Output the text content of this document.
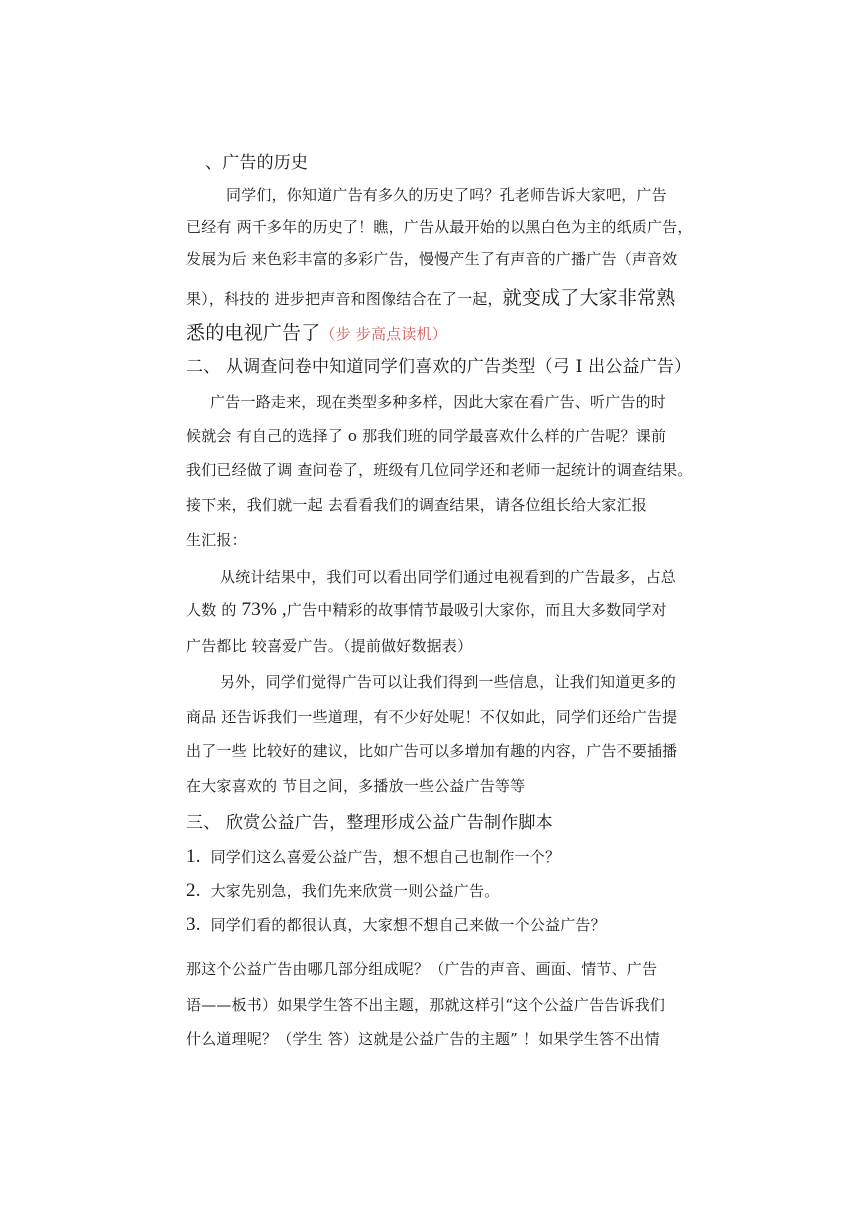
、广告的历史
同学们，你知道广告有多久的历史了吗？孔老师告诉大家吧，广告
已经有 两千多年的历史了！瞧，广告从最开始的以黑白色为主的纸质广告，
发展为后 来色彩丰富的多彩广告，慢慢产生了有声音的广播广告（声音效
果），科技的 进步把声音和图像结合在了一起，就变成了大家非常熟
悉的电视广告了（步 步高点读机）
二、 从调查问卷中知道同学们喜欢的广告类型（弓 I 出公益广告）
广告一路走来，现在类型多种多样，因此大家在看广告、听广告的时
候就会 有自己的选择了 o 那我们班的同学最喜欢什么样的广告呢？课前
我们已经做了调 查问卷了，班级有几位同学还和老师一起统计的调查结果。
接下来，我们就一起 去看看我们的调查结果，请各位组长给大家汇报
生汇报：
从统计结果中，我们可以看出同学们通过电视看到的广告最多，占总
人数 的 73% ,广告中精彩的故事情节最吸引大家你，而且大多数同学对
广告都比 较喜爱广告。（提前做好数据表）
另外，同学们觉得广告可以让我们得到一些信息，让我们知道更多的
商品 还告诉我们一些道理，有不少好处呢！不仅如此，同学们还给广告提
出了一些 比较好的建议，比如广告可以多增加有趣的内容，广告不要插播
在大家喜欢的 节目之间，多播放一些公益广告等等
三、 欣赏公益广告，整理形成公益广告制作脚本
1. 同学们这么喜爱公益广告，想不想自己也制作一个？
2. 大家先别急，我们先来欣赏一则公益广告。
3. 同学们看的都很认真，大家想不想自己来做一个公益广告？
那这个公益广告由哪几部分组成呢？（广告的声音、画面、情节、广告
语——板书）如果学生答不出主题，那就这样引“这个公益广告告诉我们
什么道理呢？（学生 答）这就是公益广告的主题” ！如果学生答不出情
